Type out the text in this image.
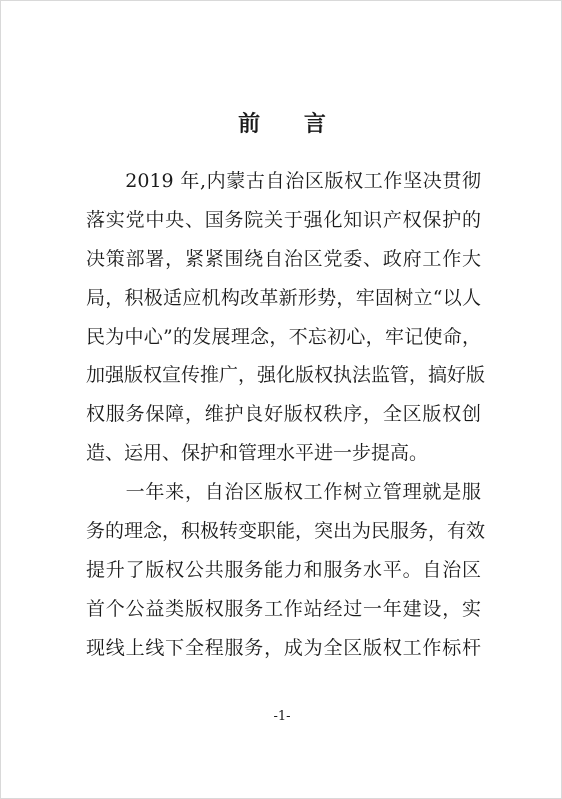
前 言
　　2019 年,内蒙古自治区版权工作坚决贯彻
落实党中央、国务院关于强化知识产权保护的
决策部署，紧紧围绕自治区党委、政府工作大
局，积极适应机构改革新形势，牢固树立“以人
民为中心”的发展理念，不忘初心，牢记使命，
加强版权宣传推广，强化版权执法监管，搞好版
权服务保障，维护良好版权秩序，全区版权创
造、运用、保护和管理水平进一步提高。
　　一年来，自治区版权工作树立管理就是服
务的理念，积极转变职能，突出为民服务，有效
提升了版权公共服务能力和服务水平。自治区
首个公益类版权服务工作站经过一年建设，实
现线上线下全程服务，成为全区版权工作标杆
-1-
